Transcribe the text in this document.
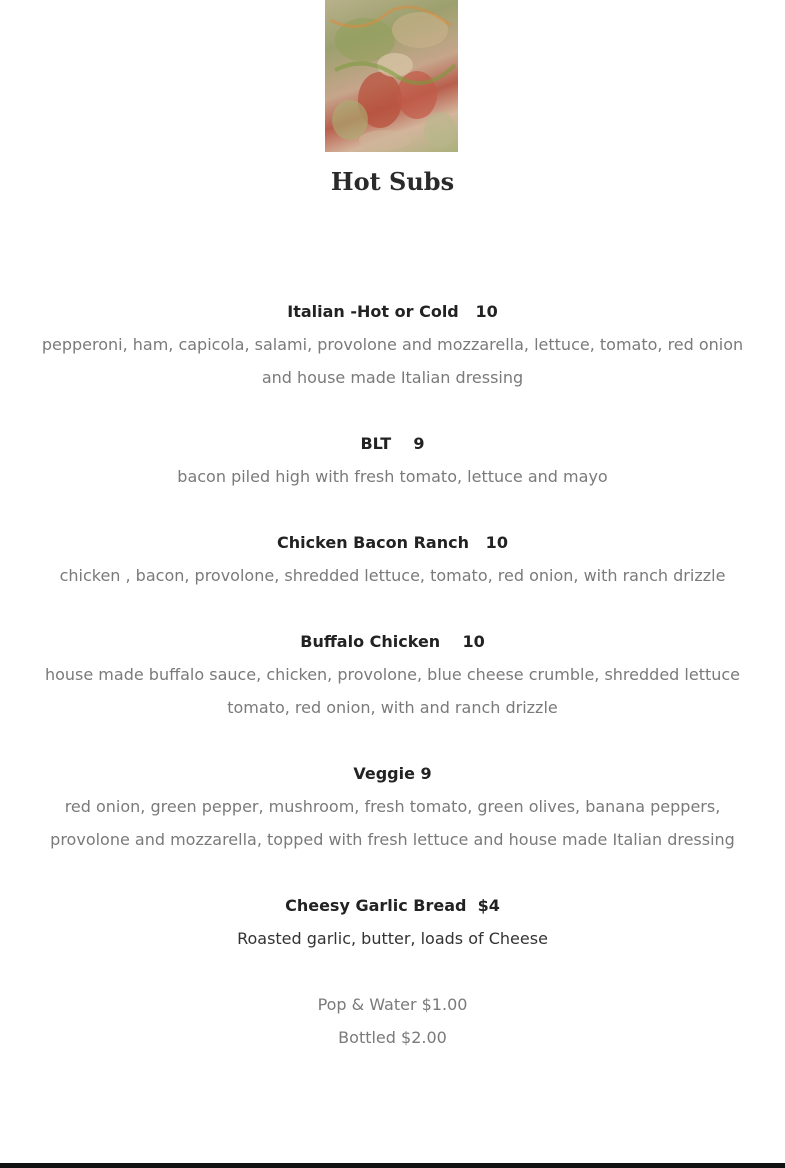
Hot Subs
Italian -Hot or Cold   10
pepperoni, ham, capicola, salami, provolone and mozzarella, lettuce, tomato, red onion and house made Italian dressing
BLT    9
bacon piled high with fresh tomato, lettuce and mayo
Chicken Bacon Ranch   10
chicken , bacon, provolone, shredded lettuce, tomato, red onion, with ranch drizzle
Buffalo Chicken    10
house made buffalo sauce, chicken, provolone, blue cheese crumble, shredded lettuce tomato, red onion, with and ranch drizzle
Veggie 9
red onion, green pepper, mushroom, fresh tomato, green olives, banana peppers, provolone and mozzarella, topped with fresh lettuce and house made Italian dressing
Cheesy Garlic Bread  $4
Roasted garlic, butter, loads of Cheese
Pop & Water $1.00
Bottled $2.00
